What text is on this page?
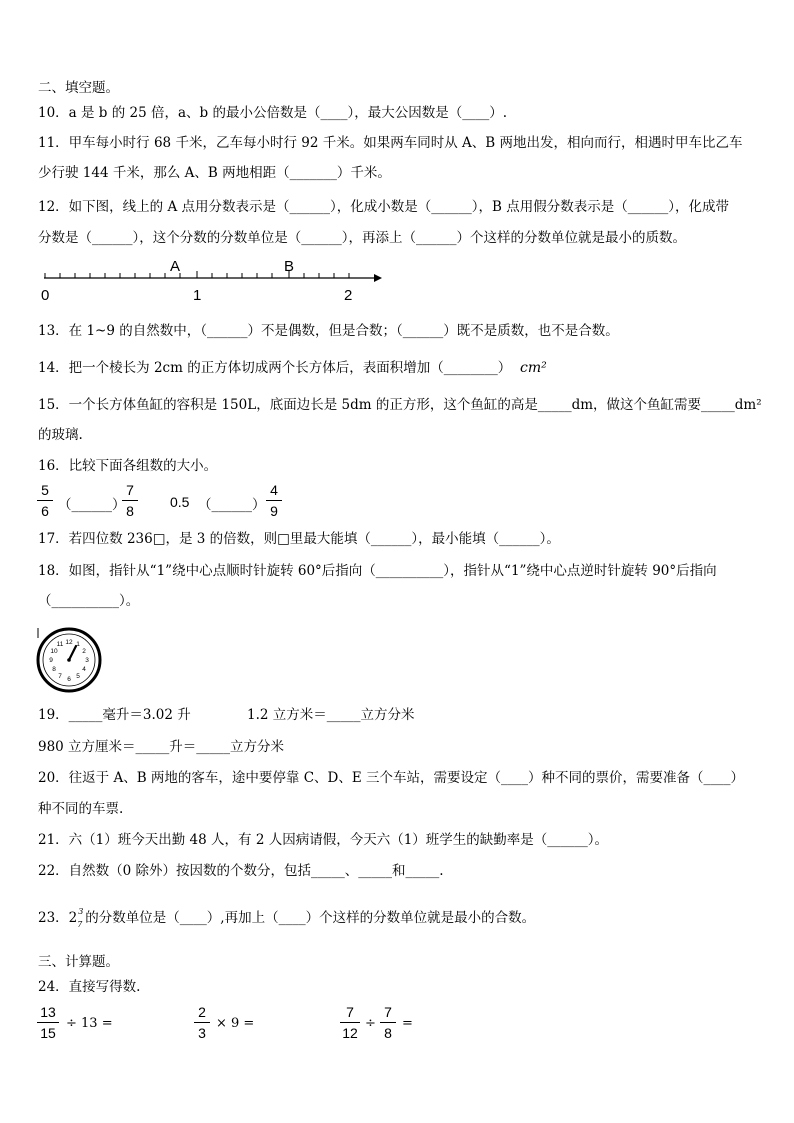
二、填空题。
10．a 是 b 的 25 倍，a、b 的最小公倍数是（____），最大公因数是（____）.
11．甲车每小时行 68 千米，乙车每小时行 92 千米。如果两车同时从 A、B 两地出发，相向而行，相遇时甲车比乙车
少行驶 144 千米，那么 A、B 两地相距（_______）千米。
12．如下图，线上的 A 点用分数表示是（______），化成小数是（______），B 点用假分数表示是（______），化成带
分数是（______），这个分数的分数单位是（______），再添上（______）个这样的分数单位就是最小的质数。
A	B
0	1	2
13．在 1~9 的自然数中，（______）不是偶数，但是合数；（______）既不是质数，也不是合数。
14．把一个棱长为 2cm 的正方体切成两个长方体后，表面积增加（________） cm²
15．一个长方体鱼缸的容积是 150L，底面边长是 5dm 的正方形，这个鱼缸的高是_____dm，做这个鱼缸需要_____dm²
的玻璃.
16．比较下面各组数的大小。
$\frac{5}{6}$ （______）
$\frac{7}{8} 0.5$ （______） $\frac{4}{9}$
17．若四位数 236□，是 3 的倍数，则□里最大能填（______），最小能填（______）。
18．如图，指针从“1”绕中心点顺时针旋转 60°后指向（__________），指针从“1”绕中心点逆时针旋转 90°后指向
（__________）。
12 1
2
3
4
5
6
7
8
9
10
11
19．_____毫升＝3.02 升	1.2 立方米＝_____立方分米
980 立方厘米＝_____升＝_____立方分米
20．往返于 A、B 两地的客车，途中要停靠 C、D、E 三个车站，需要设定（____）种不同的票价，需要准备（____）
种不同的车票.
21．六（1）班今天出勤 48 人，有 2 人因病请假，今天六（1）班学生的缺勤率是（______）。
22．自然数（0 除外）按因数的个数分，包括_____、_____和_____.
23．2 3
7 的分数单位是（____）,再加上（____）个这样的分数单位就是最小的合数。
三、计算题。
24．直接写得数.
$\frac{13}{15} \div 13$ =	$\frac{2}{3} \times 9$ =	$\frac{7}{12} \div \frac{7}{8}$ =
